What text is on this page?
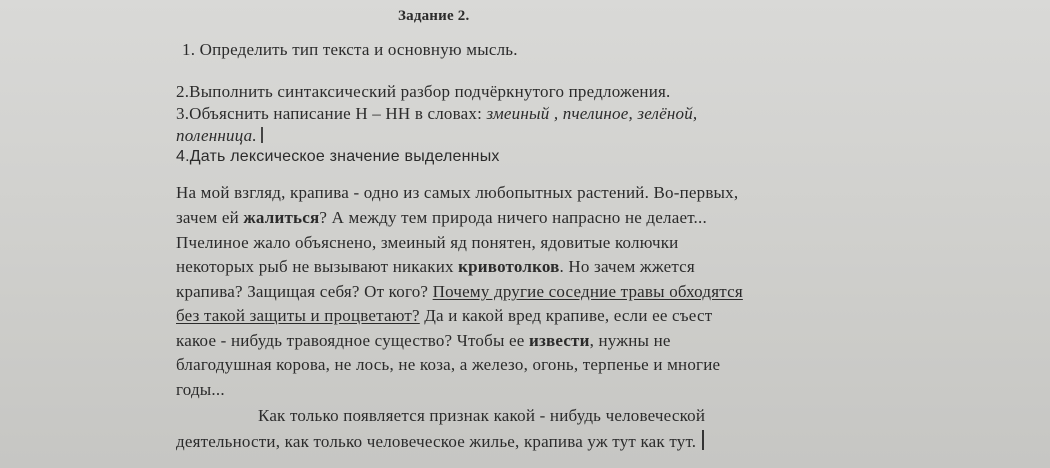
Задание 2.
1. Определить тип текста и основную мысль.
2.Выполнить синтаксический разбор подчёркнутого предложения.
3.Объяснить написание Н – НН в словах: змеиный , пчелиное, зелёной,
поленница.
4.Дать лексическое значение выделенных
На мой взгляд, крапива - одно из самых любопытных растений. Во-первых,
зачем ей жалиться? А между тем природа ничего напрасно не делает...
Пчелиное жало объяснено, змеиный яд понятен, ядовитые колючки
некоторых рыб не вызывают никаких кривотолков. Но зачем жжется
крапива? Защищая себя? От кого? Почему другие соседние травы обходятся
без такой защиты и процветают? Да и какой вред крапиве, если ее съест
какое - нибудь травоядное существо? Чтобы ее извести, нужны не
благодушная корова, не лось, не коза, а железо, огонь, терпенье и многие
годы...
Как только появляется признак какой - нибудь человеческой
деятельности, как только человеческое жилье, крапива уж тут как тут.
